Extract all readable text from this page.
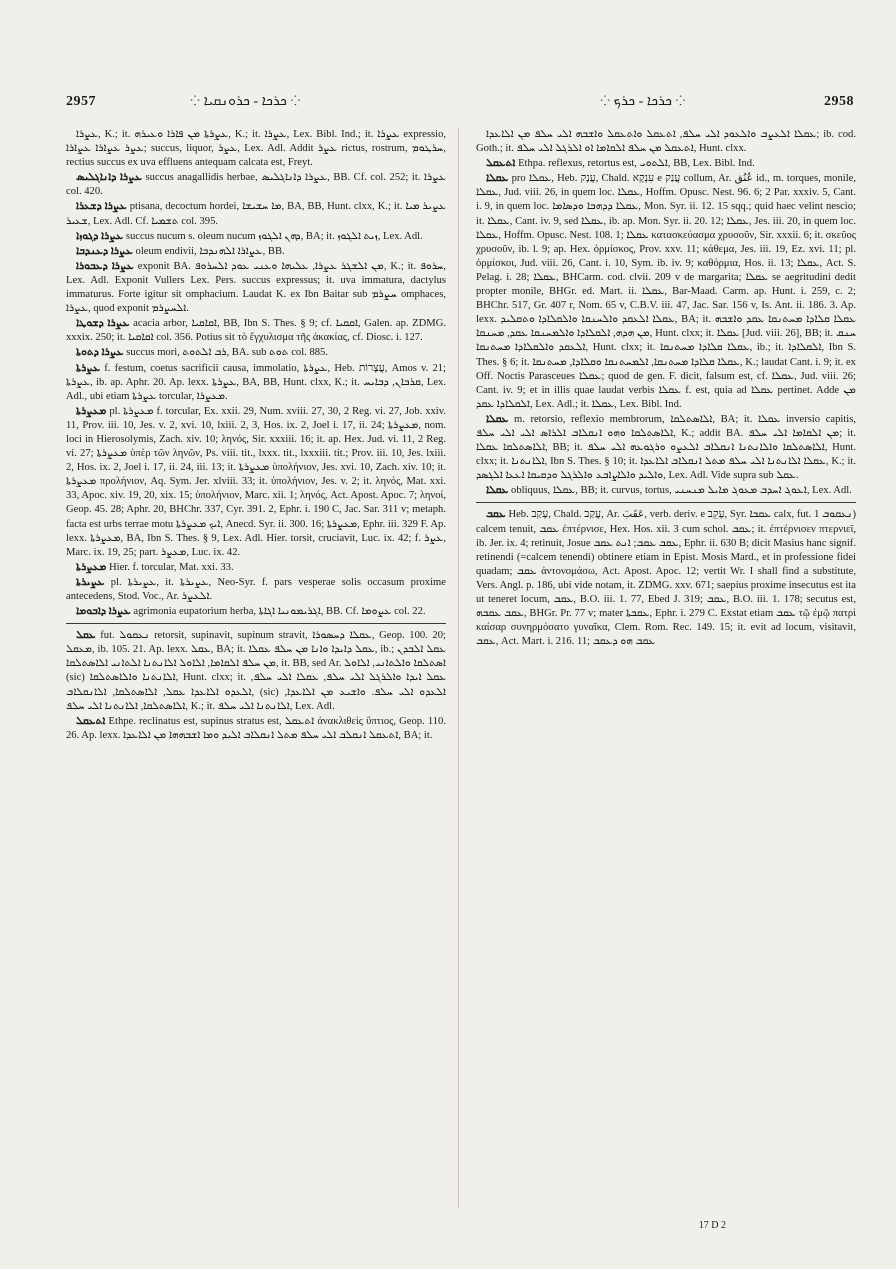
2957	⁘ ܟܪܟܐ - ܟܪܘܢܩܝܐ ⁘	⁘ ܟܪܟܐ - ܟܪܟ ⁘	2958

ܥܨܪܐ, K.; it. ܥܨܪܬܐ ܡܢ ܦܐܪܐ ܘܥܝܪܗ, K.; it. ܥܨܪܐ, Lex. Bibl. Ind.; it. ܥܨܪܐ expressio, ܥܨܪ ܥܨܐܪܐ ܥܨܐܪܐ; succus, liquor, ܥܨܪ, Lex. Adl. Addit ܥܨܪ rictus, rostrum, ܚܪܛܘܡ, rectius succus ex uva effluens antequam calcata est, Freyt.

ܥܨܪܐ ܕܐܢܐܓܠܝܣ succus anagallidis herbae, ܥܨܪܐ ܕܐܢܐܓܠܝܣ, BB. Cf. col. 252; it. ܥܨܪܐ col. 420.

ܥܨܪܐ ܕܫܥܪܐ ptisana, decoctum hordei, ܡܐ ܚܫܝܫܐ, BA, BB, Hunt. clxx, K.; it. ܥܨܝܪ ܡܝܐ ܫܥܝܪ, Lex. Adl. Cf. ܬܫܡܝܐ col. 395.

ܥܨܪܐ ܕܓܘܙܐ succus nucum s. oleum nucum ܕܗܢ ܐܠܓܘܙ, BA; it. ܙܝܬ ܐܠܓܘܙ, Lex. Adl.

ܥܨܪܐ ܕܥܢܕܒܐ oleum endivii, ܥܨܐܪܐ ܐܠܗܢܕܒܐ, BB.

ܥܨܪܐ ܕܥܒܘܪܐ exponit BA. ܡܢ ܐܠܫܓܪ ܥܨܪܐ, ܥܠܝܗܐ ܘܥܢܝ ܥܘܕ ܐܠܚܪܘܦ, K.; it. ܚܪܘܦ, Lex. Adl. Exponit Vullers Lex. Pers. succus expressus; it. uva immatura, dactylus immaturus. Forte igitur sit omphacium. Laudat K. ex Ibn Baitar sub ܚܨܪܡ omphaces, ܥܨܪܐ, quod exponit ܐܠܚܨܪܡ.

ܥܨܪܐ ܕܫܘܛܐ acacia arbor, ܐܩܐܩܝܐ, BB, Ibn S. Thes. § 9; cf. ܐܩܩܝܐ, Galen. ap. ZDMG. xxxix. 250; it. ܐܩܐܩܝܐ col. 356. Potius sit τὸ ἔγχυλισμα τῆς ἀκακίας, cf. Diosc. i. 127.

ܥܨܪܐ ܕܬܘܬܐ succus mori, ܪܒ ܐܠܬܘܬ, BA. sub ܬܘܬ col. 885.

ܥܨܪܬܐ f. festum, coetus sacrificii causa, immolatio, ܥܨܪܬܐ, Heb. עֲצָרוֹת, Amos v. 21; ܥܨܪܬܐ, ib. ap. Aphr. 20. Ap. lexx. ܥܨܪܬܐ, BA, BB, Hunt. clxx, K.; it. ܩܪܒܐܢ, ܕܒܐܝܚ, Lex. Adl., ubi etiam ܥܨܪܬܐ torcular, ܡܥܨܪܐ.

ܡܥܨܪܬܐ pl. ܡܥܨܪܬܐ f. torcular, Ex. xxii. 29, Num. xviii. 27, 30, 2 Reg. vi. 27, Job. xxiv. 11, Prov. iii. 10, Jes. v. 2, xvi. 10, lxiii. 2, 3, Hos. ix. 2, Joel i. 17, ii. 24; ܡܥܨܪܬܐ, nom. loci in Hierosolymis, Zach. xiv. 10; ληνός, Sir. xxxiii. 16; it. ap. Hex. Jud. vi. 11, 2 Reg. vi. 27; ܡܥܨܪܬܐ ὑπὲρ τῶν ληνῶν, Ps. viii. tit., lxxx. tit., lxxxiii. tit.; Prov. iii. 10, Jes. lxiii. 2, Hos. ix. 2, Joel i. 17, ii. 24, iii. 13; it. ܡܥܨܪܬܐ ὑπολήνιον, Jes. xvi. 10, Zach. xiv. 10; it. ܡܥܨܪܬܐ προλήνιον, Aq. Sym. Jer. xlviii. 33; it. ὑπολήνιον, Jes. v. 2; it. ληνός, Mat. xxi. 33, Apoc. xiv. 19, 20, xix. 15; ὑπολήνιον, Marc. xii. 1; ληνός, Act. Apost. Apoc. 7; ληνοί, Geop. 45. 28; Aphr. 20, BHChr. 337, Cyr. 391. 2, Ephr. i. 190 C, Jac. Sar. 311 v; metaph. facta est urbs terrae motu ܐܝܟ ܡܥܨܪܬܐ, Anecd. Syr. ii. 300. 16; ܡܥܨܪܬܐ, Ephr. iii. 329 F. Ap. lexx. ܡܥܨܪܬܐ, BA, Ibn S. Thes. § 9, Lex. Adl. Hier. torsit, cruciavit, Luc. ix. 42; f. ܥܨܪ, Marc. ix. 19, 25; part. ܡܥܨܪ, Luc. ix. 42.

ܡܥܨܪܬܐ Hier. f. torcular, Mat. xxi. 33.

ܥܨܝܪܬܐ pl. ܥܨܝܪܬܐ, it. ܥܨܝܪܬܐ, Neo-Syr. f. pars vesperae solis occasum proxime antecedens, Stod. Voc., Ar. ܐܠܥܨܪ.

ܥܨܪܐ ܕܐܒܘܡܐ agrimonia eupatorium herba, ܐܓܪܝܡܘܢܝܐ ܐܓܐܬܐ, BB. Cf. ܥܨܘܡܐ col. 22.

ܥܩܠ fut. ܢܥܩܘܠ retorsit, supinavit, supinum stravit, ܥܩܠܐ ܕܚܣܘܪܐ, Geop. 100. 20; ܡܥܩܠ, ib. 105. 21. Ap. lexx. ܥܩܠ, BA; it. ܥܩܠ ܕܐܝܕܐ ܘܐܢܐ ܡܢ ܚܠܦ ܥܩܠܐ, ib.; ܥܩܠ ܐܠܒܕܢ ܡܢ ܚܠܦ ܐܠܩܐܡܐ, ܐܠܐܘܠ ܐܠܐܢܬܢܐ ܐܠܬܐܢܝ ܐܠܐܣܬܠܩܐ, it. BB, sed Ar. ܐܣܬܠܩܐ ܘܐܠܬܐܢܝ, ܐܠܐܘܠ (sic) ܐܠܐܢܬܢܐ ܘܐܠܐܣܬܠܩܐ, Hunt. clxx; it. ܥܩܠ ܐܝܕܐ ܘܐܠܪܓܠ ܐܠܝ ܚܠܦ, ܥܩܠܐ ܐܠܝ ܚܠܦ, ܐܠܥܕܘ ܐܠܐܥܕܐ ܥܩܠ, ܐܠܐܣܬܠܩܐ, ܐܠܐܢܩܠܐܒ, (sic) ܐܠܥܕܘ ܐܠܝ ܚܠܦ. ܘܐܫܝܥ ܡܢ ܐܠܐܥܕܐ, ܐܠܐܣܬܠܩܐ, ܐܠܐܢܬܢܐ ܐܠܝ ܚܠܦ, K.; it. ܐܠܐܢܬܢܐ ܐܠܝ ܚܠܦ, Lex. Adl.

ܐܬܥܩܠ Ethpe. reclinatus est, supinus stratus est, ܐܬܥܩܠ ἀνακλιθεὶς ὕπτιος, Geop. 110. 26. Ap. lexx. ܐܬܥܩܠ ܐܢܩܠܒ ܐܠܝ ܚܠܦ ܡܬܠ ܐܢܩܠܐܒ ܐܠܝܕ ܘܡܐ ܐܫܒܗܗܐ ܡܢ ܐܠܐܥܕܐ, BA; it.

ܥܩܠܐ ܐܠܥܨܒ ܘܐܠܥܘܕ ܐܠܝ ܚܠܦ, ܐܬܥܩܠ ܘܐܬܥܩܠ ܘܐܫܒܗ ܐܠܝ ܚܠܦ ܡܢ ܐܠܐܥܕܐ; ib. cod. Goth.; it. ܐܬܥܩܠ ܡܢ ܚܠܦ ܐܠܩܐܡܐ ܐܘ ܐܠܪܓܠ ܐܠܝ ܚܠܦ, Hunt. clxx.

ܐܬܥܩܠ Ethpa. reflexus, retortus est, ܐܠܬܘܝ, BB, Lex. Bibl. Ind.

ܥܩܠܐ pro ܥܩܠܐ, Heb. עֲנָק, Chald. עִנְקָא e עֲנַק collum, Ar. عُنُق id., m. torques, monile, ܥܩܠܐ, Jud. viii. 26, in quem loc. ܥܩܠܐ, Hoffm. Opusc. Nest. 96. 6; 2 Par. xxxiv. 5, Cant. i. 9, in quem loc. ܥܩܠܐ ܕܕܗܒܐ ܘܕܣܐܡܐ, Mon. Syr. ii. 12. 15 sqq.; quid haec velint nescio; it. ܥܩܠܐ, Cant. iv. 9, sed ܥܩܠܐ, ib. ap. Mon. Syr. ii. 20. 12; ܥܩܠܐ, Jes. iii. 20, in quem loc. ܥܩܠܐ, Hoffm. Opusc. Nest. 108. 1; ܥܩܠܐ κατασκεύασμα χρυσοῦν, Sir. xxxii. 6; it. σκεῦος χρυσοῦν, ib. l. 9; ap. Hex. ὁρμίσκος, Prov. xxv. 11; κάθεμα, Jes. iii. 19, Ez. xvi. 11; pl. ὁρμίσκοι, Jud. viii. 26, Cant. i. 10, Sym. ib. iv. 9; καθόρμια, Hos. ii. 13; ܥܩܠܐ, Act. S. Pelag. i. 28; ܥܩܠܐ, BHCarm. cod. clvii. 209 v de margarita; ܥܩܠܐ se aegritudini dedit propter monile, BHGr. ed. Mart. ii. ܥܩܠܐ, Bar-Maad. Carm. ap. Hunt. i. 259, c. 2; BHChr. 517, Gr. 407 r, Nom. 65 v, C.B.V. iii. 47, Jac. Sar. 156 v, Is. Ant. ii. 186. 3. Ap. lexx. ܥܩܠܐ ܐܠܥܩܕ ܘܐܠܚܢܩܐ ܘܐܠܩܠܐܕܐ ܘܬܩܠܝܕ, BA; it. ܥܩܠܐ ܩܠܐܕܐ ܡܚܬܢܩܐ ܥܩܕ ܘܐܫܒܗ ܡܢ ܗܕܗ, ܐܠܩܠܐܕܐ ܘܐܠܡܚܢܩܐ ܥܩܕ, ܡܚܢܩܐ, Hunt. clxx; it. ܥܩܠܐ [Jud. viii. 26], BB; it. ܚܢܩ ܐܠܥܩܕ ܘܐܠܩܠܐܕܐ ܡܚܬܢܩܐ, Hunt. clxx; it. ܥܩܠܐ ܩܠܐܕܐ ܡܚܬܢܩܐ, ib.; it. ܐܠܩܠܐܕܐ, Ibn S. Thes. § 6; it. ܥܩܠܐ ܩܠܐܕܐ ܡܚܬܢܩܐ, ܐܠܡܚܬܢܩܐ ܘܩܠܐܕܐ, ܡܚܬܢܩܐ, K.; laudat Cant. i. 9; it. ex Off. Noctis Parasceues ܥܩܠܐ; quod de gen. F. dicit, falsum est, cf. ܥܩܠܐ, Jud. viii. 26; Cant. iv. 9; et in illis quae laudat verbis ܥܩܠܐ f. est, quia ad ܥܩܠܐ pertinet. Adde ܡܢ ܐܠܩܠܐܕܐ ܥܩܕ, Lex. Adl.; it. ܥܩܠܐ, Lex. Bibl. Ind.

ܥܩܠܐ m. retorsio, reflexio membrorum, ܐܠܐܣܬܠܩܐ, BA; it. ܥܩܠܐ inversio capitis, ܐܠܐܣܬܠܩܐ ܘܗܘ ܐܢܩܠܐܒ ܐܠܪܐܣ ܐܠܝ ܐܠܝ ܚܠܦ, K.; addit BA. ܡܢ ܐܠܩܐܡܐ ܐܠܝ ܚܠܦ; it. ܐܠܐܣܬܠܩܐ ܥܩܠܐ, BB; it. ܐܠܐܣܬܠܩܐ ܘܐܠܐܢܬܢܐ ܐܢܩܠܐܒ ܐܠܥܨܘ ܘܪܓܘܥܗ ܐܠܝ ܚܠܦ, Hunt. clxx; it. ܐܠܐܢܬܢܐ, Ibn S. Thes. § 10; it. ܥܩܠܐ ܐܠܐܢܬܢܐ ܐܠܝ ܚܠܦ ܡܬܠ ܐܢܩܠܐܒ ܐܠܐܥܕܐ, K.; it. ܘܐܠܝܕ ܘܐܠܐܨܐܒܥ ܘܐܠܪܓܠ ܘܕܩܝܩܐ ܐܥܥܐ ܐܠܓܣܕ, Lex. Adl. Vide supra sub ܥܩܠ.

ܥܩܠܐ obliquus, ܥܩܠܐ, BB; it. curvus, tortus, ܐܥܘܓ ܐܚܕܒ ܡܥܘܓ ܡܐܝܠ ܡܢܚܢܝ, Lex. Adl.

ܥܩܒ Heb. עָקַב, Chald. עֲקַב, Ar. عَقَبَ, verb. deriv. e עָקֵב, Syr. ܥܩܒܐ calx, fut. ܢܥܩܘܒ 1) calcem tenuit, ܥܩܒ ἐπτέρνισε, Hex. Hos. xii. 3 cum schol. ܥܩܒ; it. ἐπτέρνισεν πτερνιεῖ, ib. Jer. ix. 4; retinuit, Josue ܥܩܒ ܥܩܒ; ܐܢܬ ܥܩܒ, Ephr. ii. 630 B; dicit Masius hanc signif. retinendi (=calcem tenendi) obtinere etiam in Epist. Mosis Mard., et in professione fidei quadam; ܥܩܒ ἀντονομάσω, Act. Apost. Apoc. 12; vertit Wr. I shall find a substitute, Vers. Angl. p. 186, ubi vide notam, it. ZDMG. xxv. 671; saepius proxime insecutus est ita ut teneret locum, ܥܩܒ, B.O. iii. 1. 77, Ebed J. 319; ܥܩܒ, B.O. iii. 1. 178; secutus est, ܥܩܒ ܥܩܒܗ, BHGr. Pr. 77 v; mater ܥܩܒܬܐ, Ephr. i. 279 C. Exstat etiam ܥܩܒ τῷ ἐμῷ πατρὶ καίσαρ συνηρμόσατο γυναῖκα, Clem. Rom. Rec. 149. 15; it. evit ad locum, visitavit, ܥܩܒ, Act. Mart. i. 216. 11; ܥܩܒ ܗܘ ܕܥܩܒ

17 D 2
